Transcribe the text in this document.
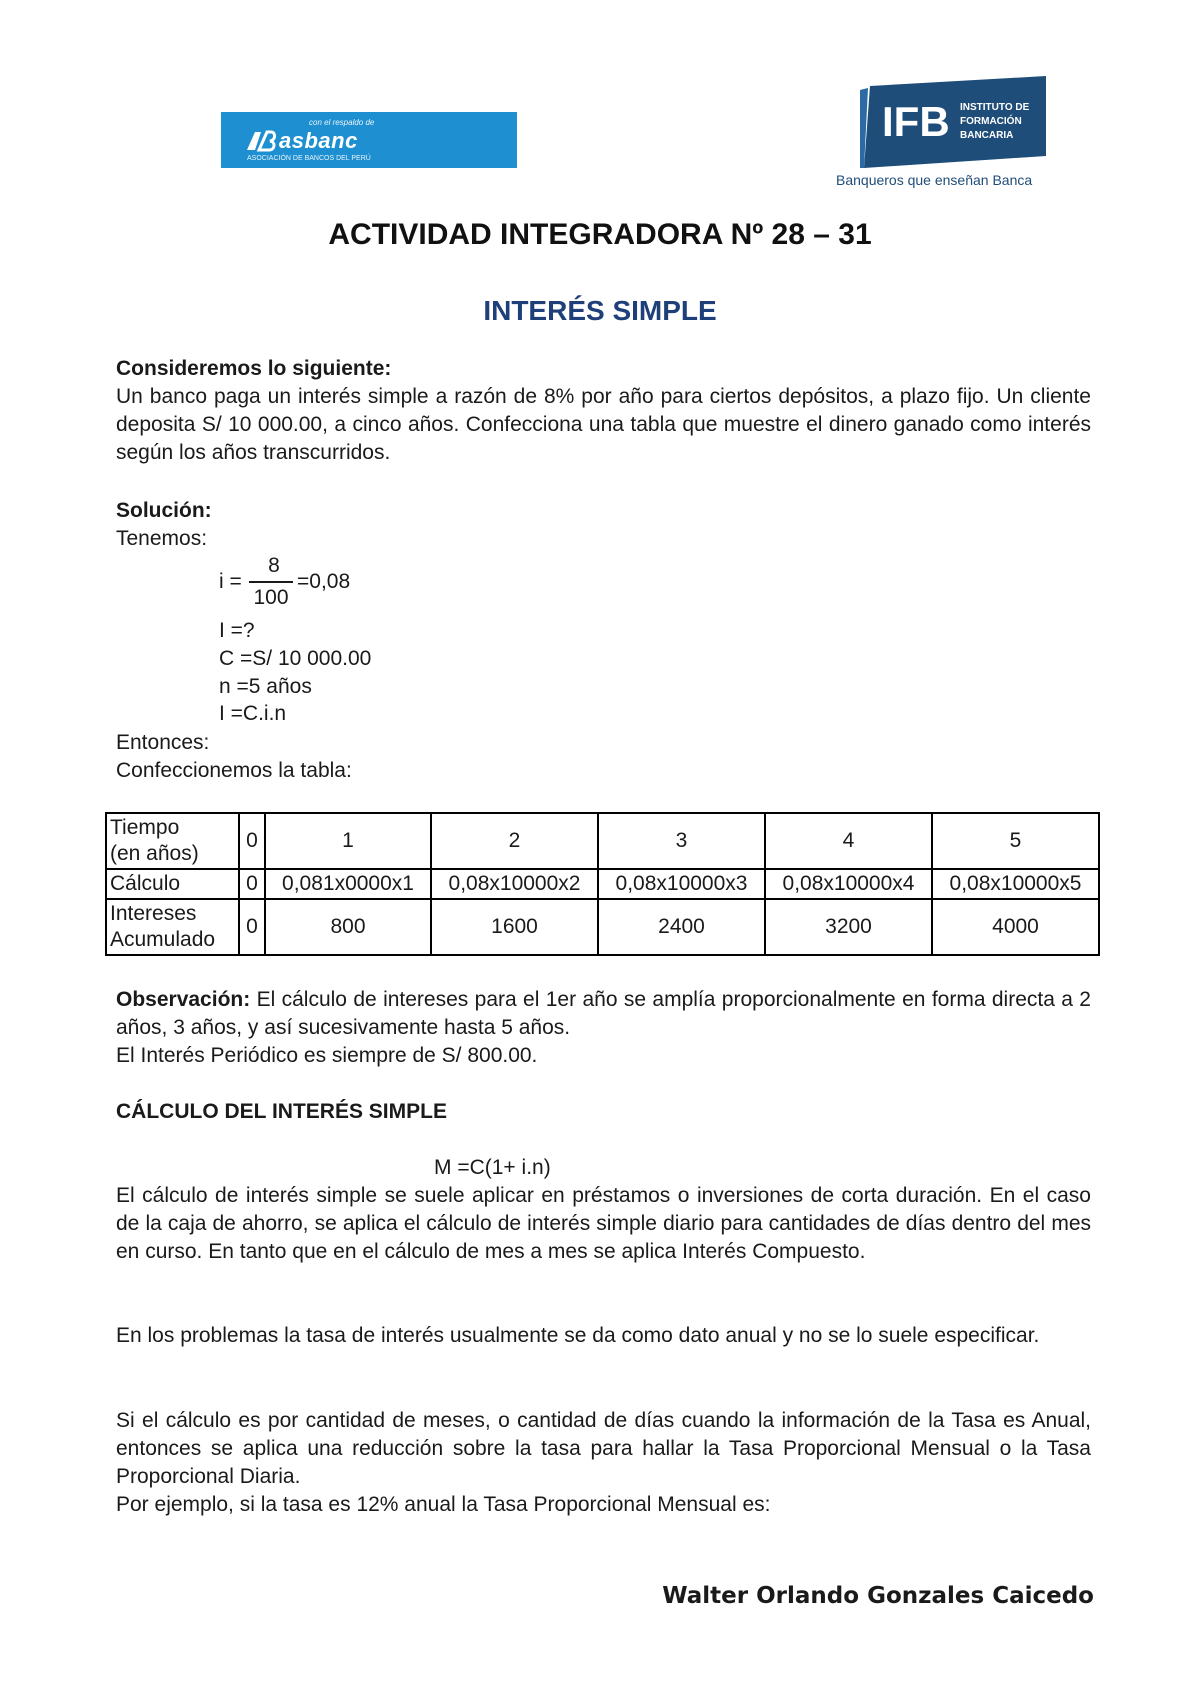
con el respaldo de
asbanc
ASOCIACIÓN DE BANCOS DEL PERÚ
IFB INSTITUTO DE
FORMACIÓN
BANCARIA
Banqueros que enseñan Banca
ACTIVIDAD INTEGRADORA Nº 28 – 31
INTERÉS SIMPLE
Consideremos lo siguiente:
Un banco paga un interés simple a razón de 8% por año para ciertos depósitos, a plazo fijo. Un cliente deposita S/ 10 000.00, a cinco años. Confecciona una tabla que muestre el dinero ganado como interés según los años transcurridos.
Solución:
Tenemos:
i =
8
100
=0,08
I =?
C =S/ 10 000.00
n =5 años
I =C.i.n
Entonces:
Confeccionemos la tabla:
Tiempo
(en años)	0	1	2	3	4	5
Cálculo	0	0,081x0000x1	0,08x10000x2	0,08x10000x3	0,08x10000x4	0,08x10000x5
Intereses
Acumulado	0	800	1600	2400	3200	4000
Observación: El cálculo de intereses para el 1er año se amplía proporcionalmente en forma directa a 2 años, 3 años, y así sucesivamente hasta 5 años.
El Interés Periódico es siempre de S/ 800.00.
CÁLCULO DEL INTERÉS SIMPLE
M =C(1+ i.n)
El cálculo de interés simple se suele aplicar en préstamos o inversiones de corta duración. En el caso de la caja de ahorro, se aplica el cálculo de interés simple diario para cantidades de días dentro del mes en curso. En tanto que en el cálculo de mes a mes se aplica Interés Compuesto.
En los problemas la tasa de interés usualmente se da como dato anual y no se lo suele especificar.
Si el cálculo es por cantidad de meses, o cantidad de días cuando la información de la Tasa es Anual, entonces se aplica una reducción sobre la tasa para hallar la Tasa Proporcional Mensual o la Tasa Proporcional Diaria.
Por ejemplo, si la tasa es 12% anual la Tasa Proporcional Mensual es:
Walter Orlando Gonzales Caicedo
